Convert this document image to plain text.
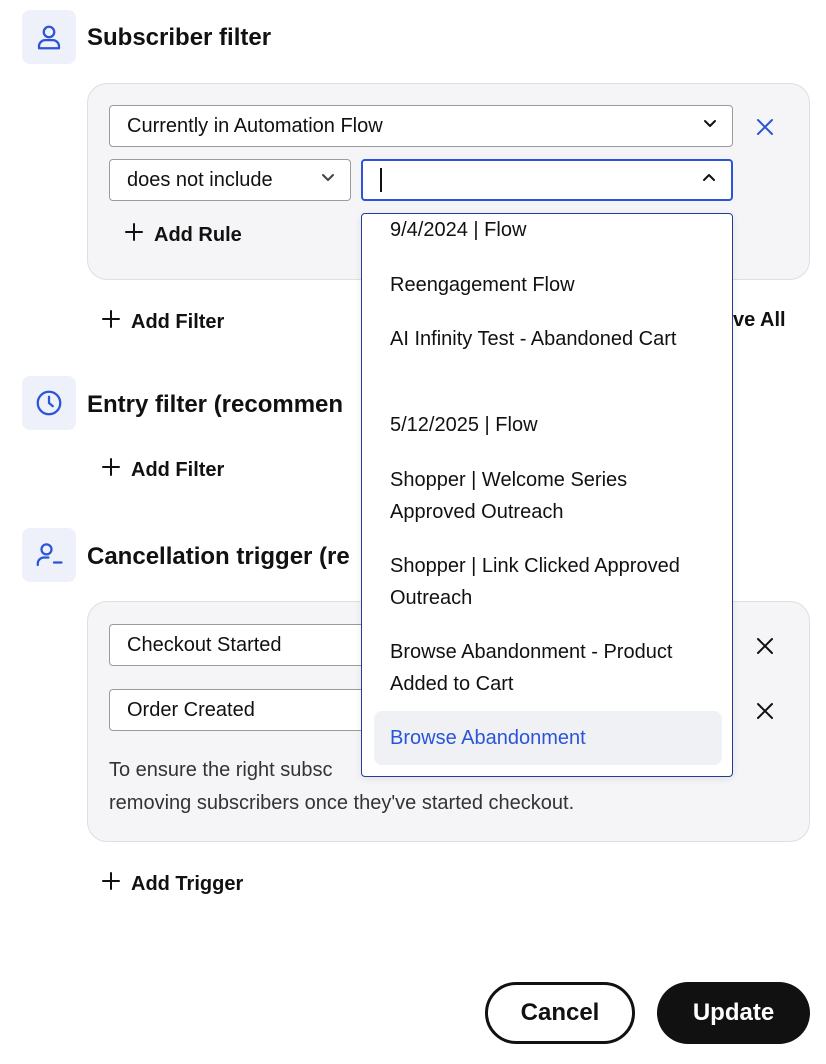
Subscriber filter
Currently in Automation Flow
does not include
Add Rule
Add Filter	ve All
Entry filter (recommen
Add Filter
Cancellation trigger (re
Checkout Started
Order Created
To ensure the right subsc
removing subscribers once they've started checkout.
Add Trigger
Cancel	Update
9/4/2024 | Flow
Reengagement Flow
AI Infinity Test - Abandoned Cart
5/12/2025 | Flow
Shopper | Welcome Series Approved Outreach
Shopper | Link Clicked Approved Outreach
Browse Abandonment - Product Added to Cart
Browse Abandonment
